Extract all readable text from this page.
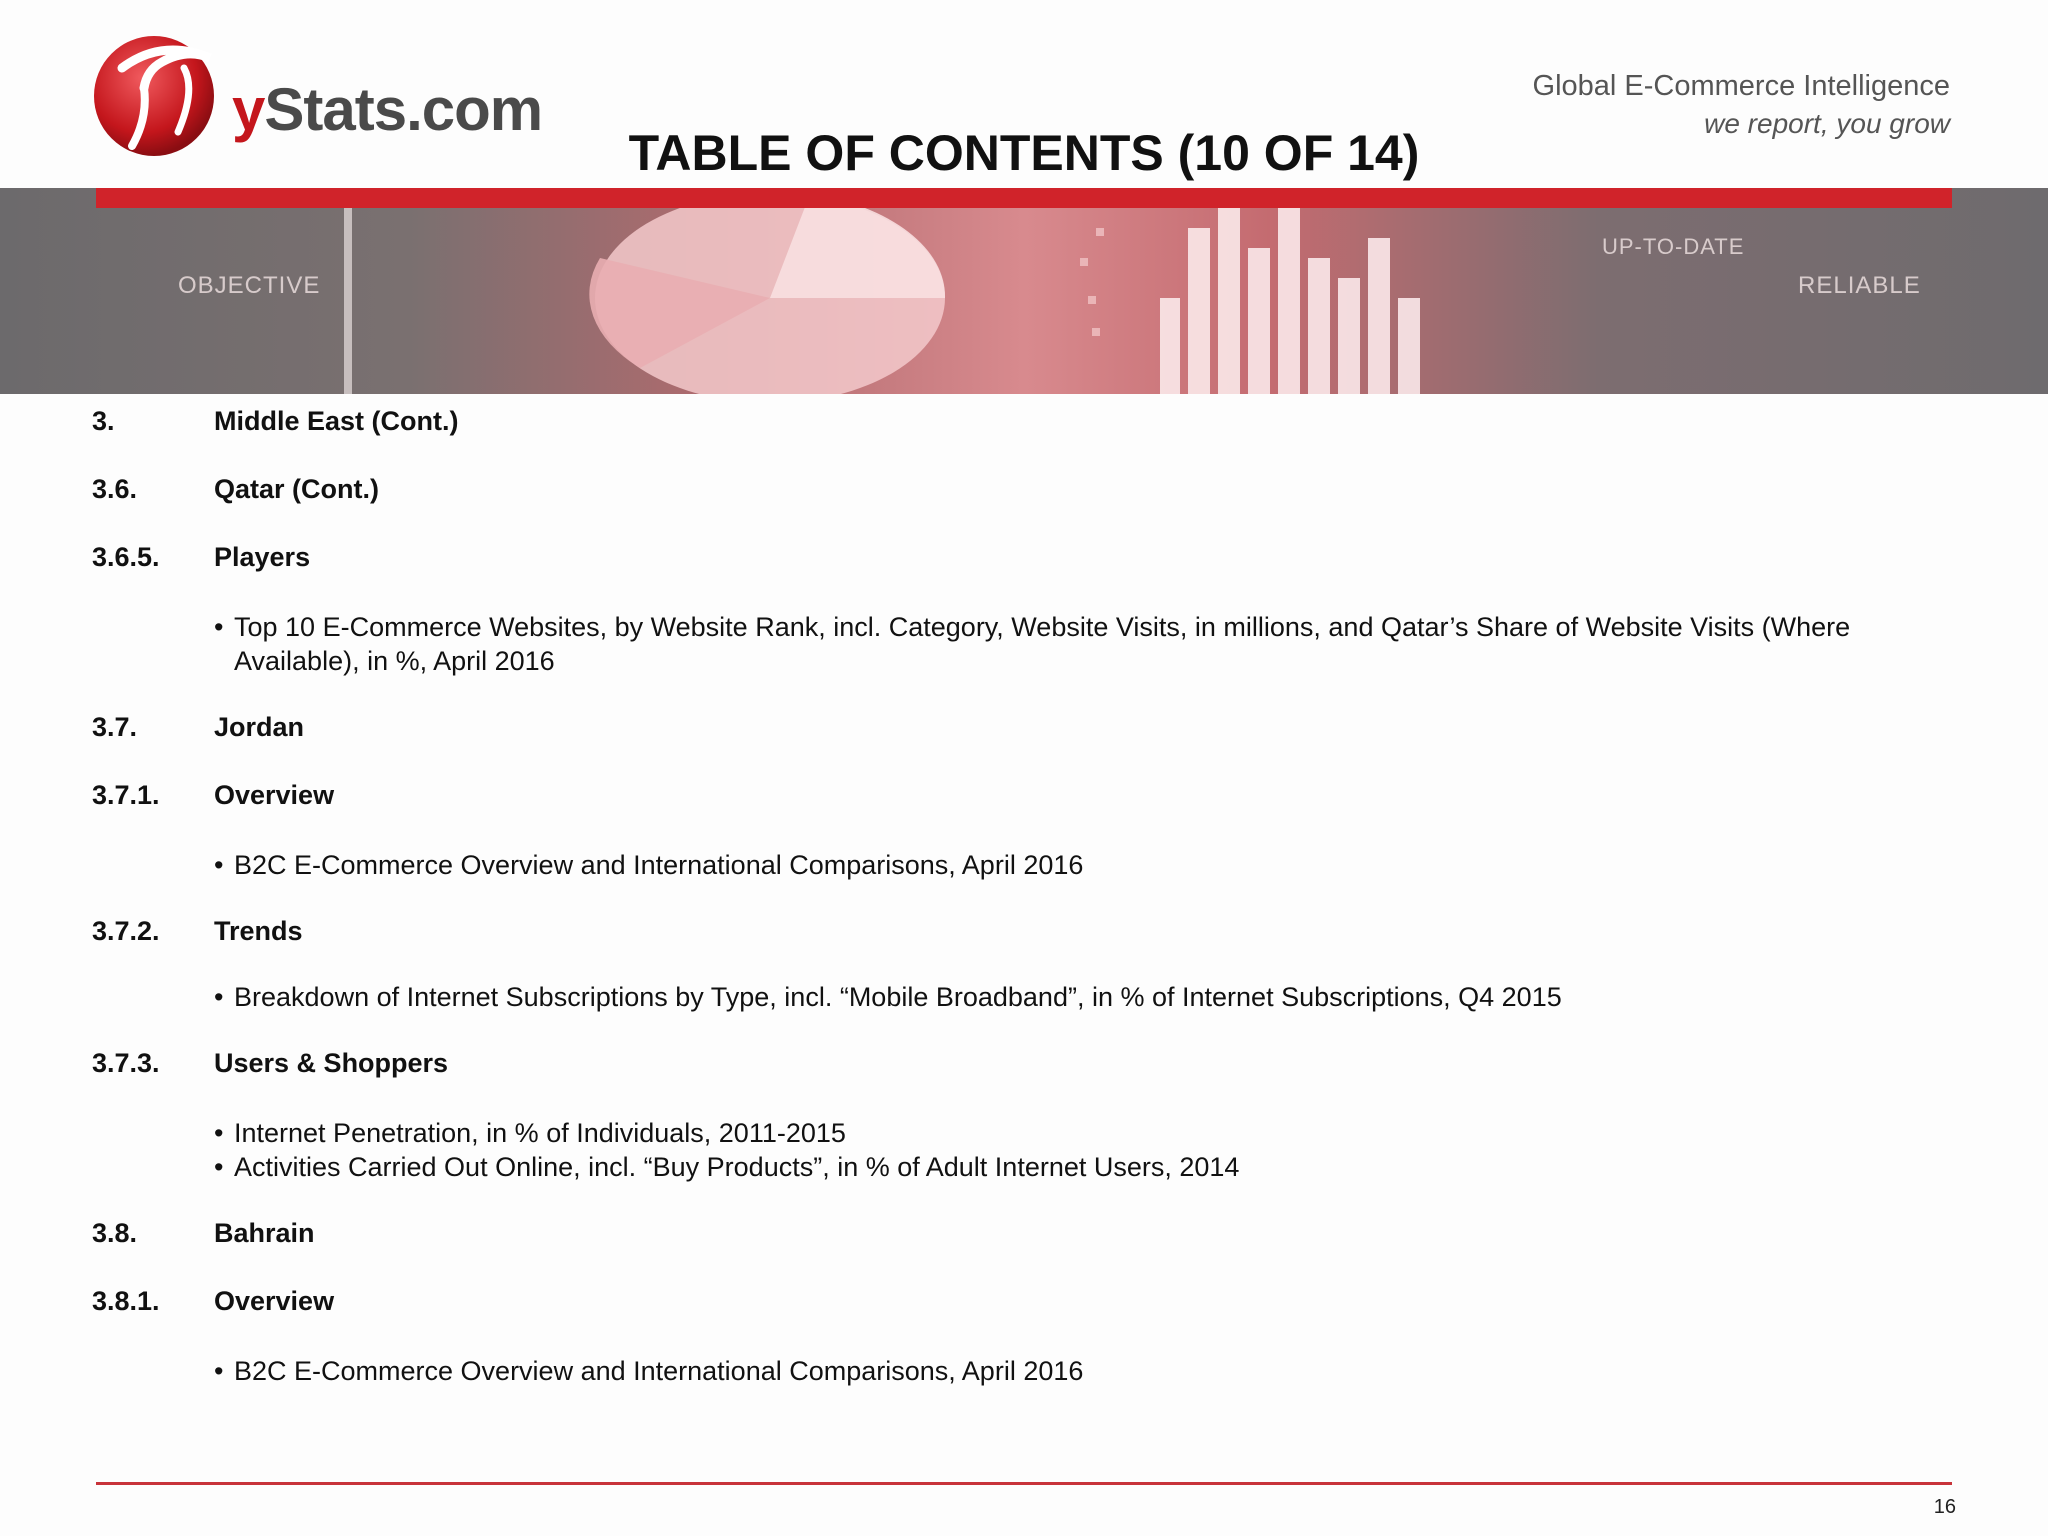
yStats.com	Global E-Commerce Intelligence
we report, you grow
TABLE OF CONTENTS (10 OF 14)
OBJECTIVE
UP-TO-DATE
RELIABLE
3.	Middle East (Cont.)
3.6.	Qatar (Cont.)
3.6.5. Players
• Top 10 E-Commerce Websites, by Website Rank, incl. Category, Website Visits, in millions, and Qatar’s Share of Website Visits (Where Available), in %, April 2016
3.7.	Jordan
3.7.1. Overview
• B2C E-Commerce Overview and International Comparisons, April 2016
3.7.2. Trends
• Breakdown of Internet Subscriptions by Type, incl. “Mobile Broadband”, in % of Internet Subscriptions, Q4 2015
3.7.3. Users & Shoppers
• Internet Penetration, in % of Individuals, 2011-2015
• Activities Carried Out Online, incl. “Buy Products”, in % of Adult Internet Users, 2014
3.8.	Bahrain
3.8.1. Overview
• B2C E-Commerce Overview and International Comparisons, April 2016
16
